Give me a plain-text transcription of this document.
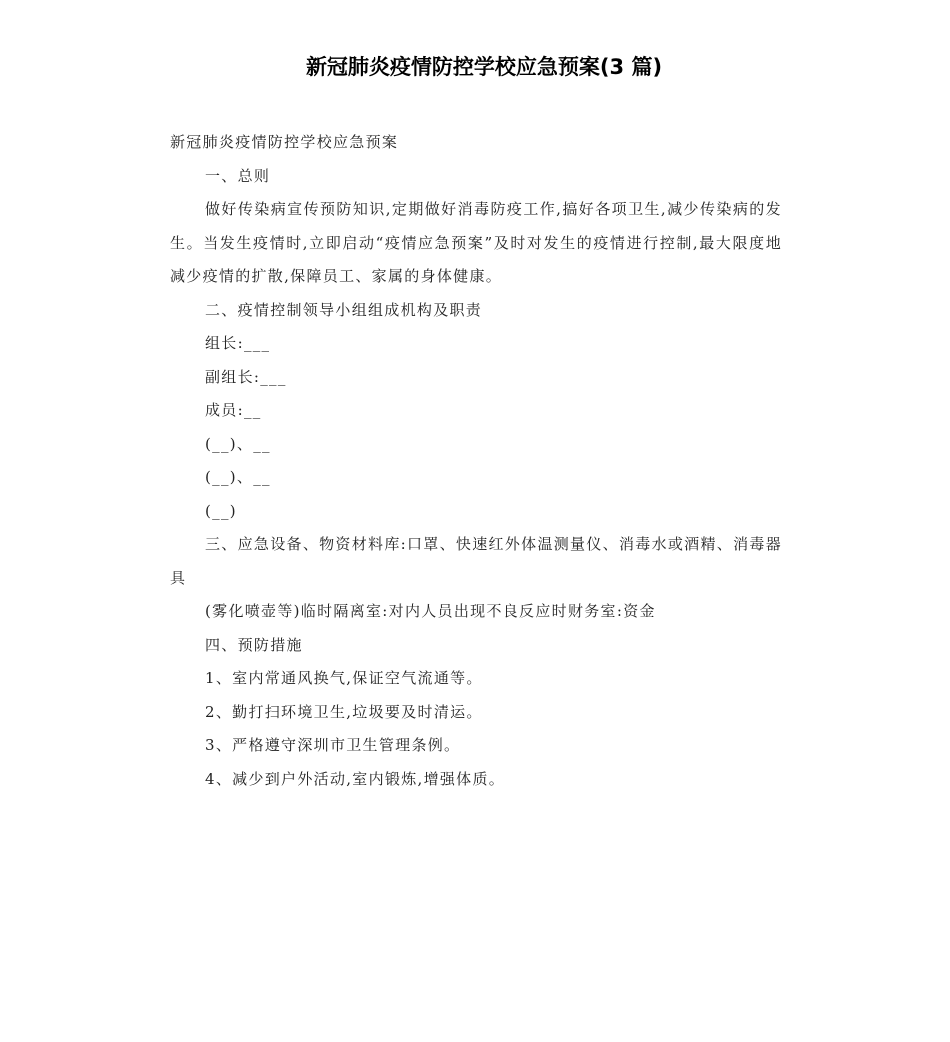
新冠肺炎疫情防控学校应急预案(3 篇)

新冠肺炎疫情防控学校应急预案

一、总则

做好传染病宣传预防知识,定期做好消毒防疫工作,搞好各项卫生,减少传染病的发生。当发生疫情时,立即启动“疫情应急预案”及时对发生的疫情进行控制,最大限度地减少疫情的扩散,保障员工、家属的身体健康。

二、疫情控制领导小组组成机构及职责

组长:___

副组长:___

成员:__

(__)、__

(__)、__

(__)

三、应急设备、物资材料库:口罩、快速红外体温测量仪、消毒水或酒精、消毒器具

(雾化喷壶等)临时隔离室:对内人员出现不良反应时财务室:资金

四、预防措施

1、室内常通风换气,保证空气流通等。

2、勤打扫环境卫生,垃圾要及时清运。

3、严格遵守深圳市卫生管理条例。

4、减少到户外活动,室内锻炼,增强体质。
